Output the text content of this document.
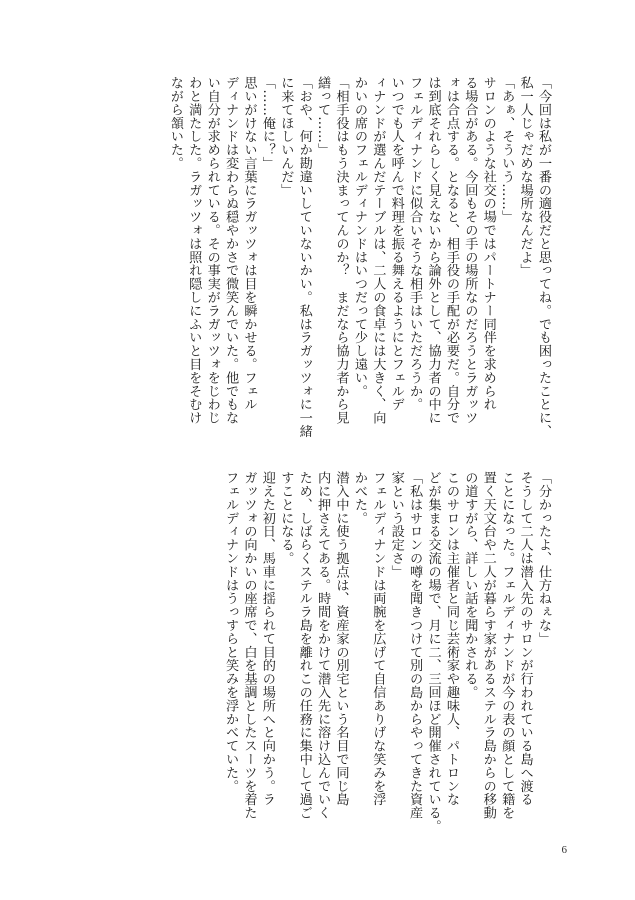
「今回は私が一番の適役だと思ってね。でも困ったことに、
私一人じゃだめな場所なんだよ」
「あぁ、そういう……」
サロンのような社交の場ではパートナー同伴を求められ
る場合がある。今回もその手の場所なのだろうとラガッツ
ォは合点する。となると、相手役の手配が必要だ。自分で
は到底それらしく見えないから論外として、協力者の中に
フェルディナンドに似合いそうな相手はいただろうか。
いつでも人を呼んで料理を振る舞えるようにとフェルデ
ィナンドが選んだテーブルは、二人の食卓には大きく、向
かいの席のフェルディナンドはいつだって少し遠い。
「相手役はもう決まってんのか？　まだなら協力者から見
繕って……」
「おや、何か勘違いしていないかい。私はラガッツォに一緒
に来てほしいんだ」
「……俺に？」
思いがけない言葉にラガッツォは目を瞬かせる。フェル
ディナンドは変わらぬ穏やかさで微笑んでいた。他でもな
い自分が求められている。その事実がラガッツォをじわじ
わと満たした。ラガッツォは照れ隠しにふいと目をそむけ
ながら頷いた。
「分かったよ、仕方ねぇな」
そうして二人は潜入先のサロンが行われている島へ渡る
ことになった。フェルディナンドが今の表の顔として籍を
置く天文台や二人が暮らす家があるステルラ島からの移動
の道すがら、詳しい話を聞かされる。
このサロンは主催者と同じ芸術家や趣味人、パトロンな
どが集まる交流の場で、月に二、三回ほど開催されている。
「私はサロンの噂を聞きつけて別の島からやってきた資産
家という設定さ」
フェルディナンドは両腕を広げて自信ありげな笑みを浮
かべた。
潜入中に使う拠点は、資産家の別宅という名目で同じ島
内に押さえてある。時間をかけて潜入先に溶け込んでいく
ため、しばらくステルラ島を離れこの任務に集中して過ご
すことになる。
迎えた初日、馬車に揺られて目的の場所へと向かう。ラ
ガッツォの向かいの座席で、白を基調としたスーツを着た
フェルディナンドはうっすらと笑みを浮かべていた。
6
